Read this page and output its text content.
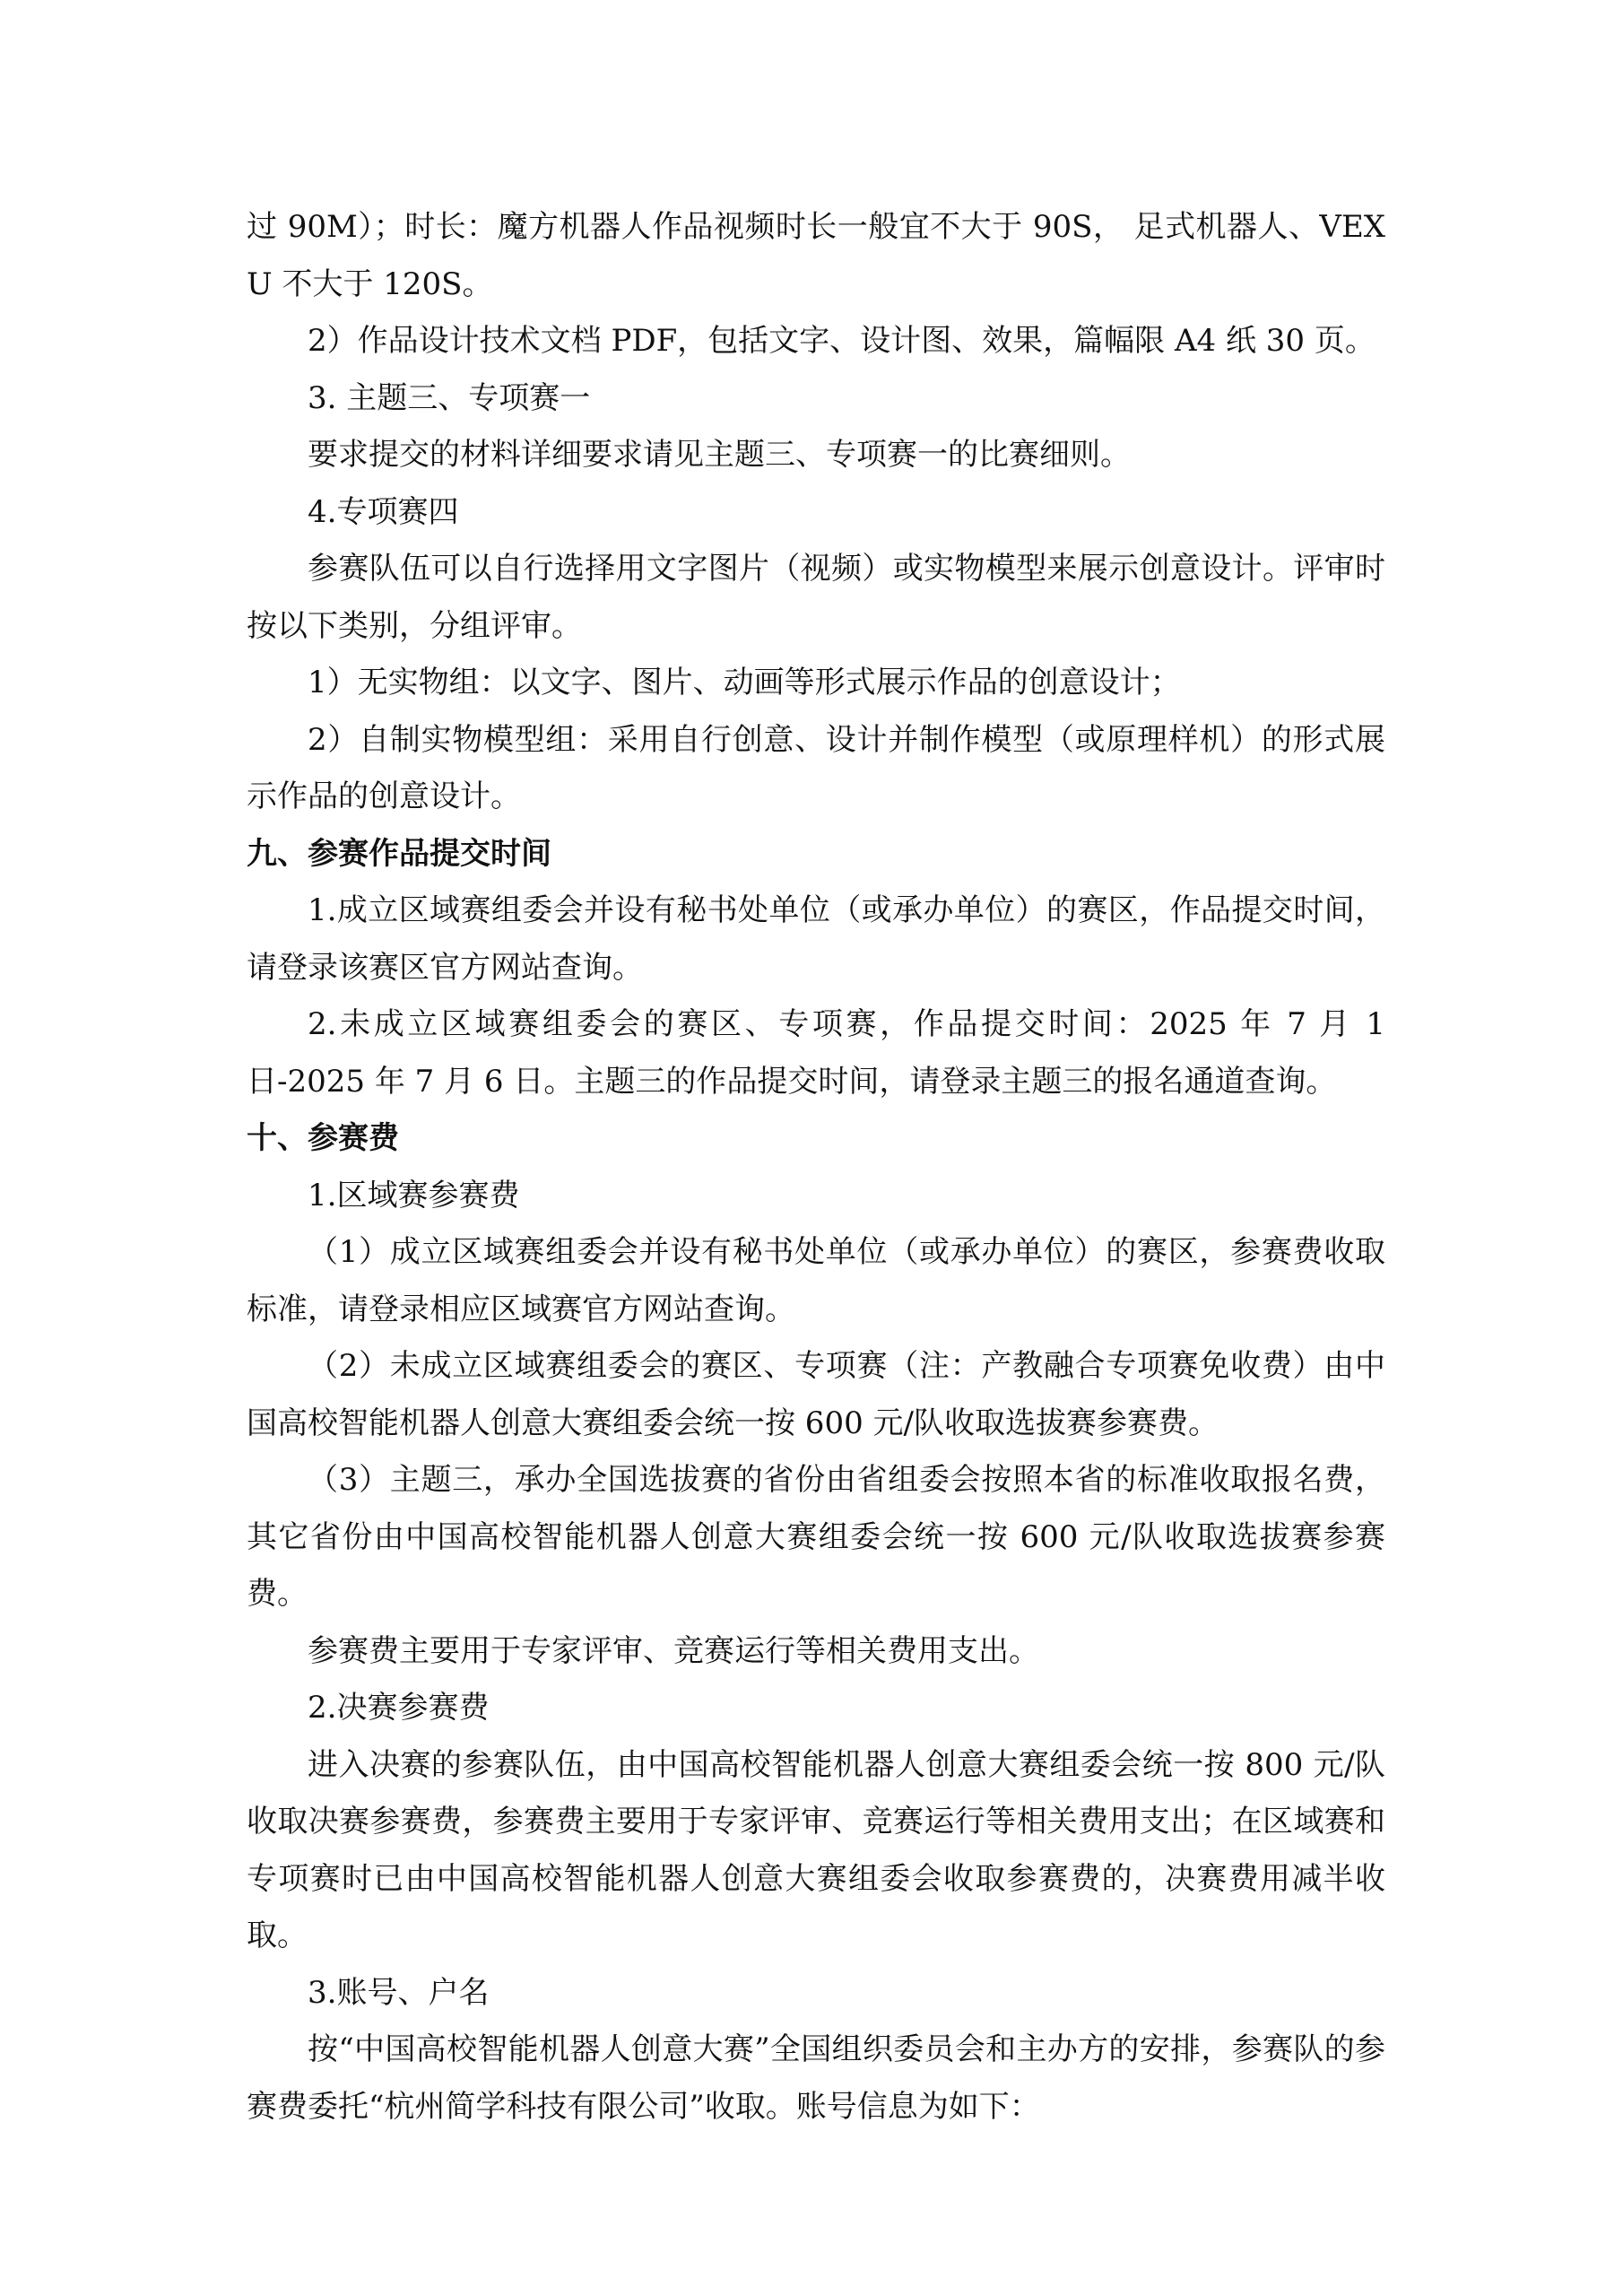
过 90M）；时长：魔方机器人作品视频时长一般宜不大于 90S， 足式机器人、VEX U 不大于 120S。

2）作品设计技术文档 PDF，包括文字、设计图、效果，篇幅限 A4 纸 30 页。

3. 主题三、专项赛一

要求提交的材料详细要求请见主题三、专项赛一的比赛细则。

4.专项赛四

参赛队伍可以自行选择用文字图片（视频）或实物模型来展示创意设计。评审时按以下类别，分组评审。

1）无实物组：以文字、图片、动画等形式展示作品的创意设计；

2）自制实物模型组：采用自行创意、设计并制作模型（或原理样机）的形式展示作品的创意设计。

九、参赛作品提交时间

1.成立区域赛组委会并设有秘书处单位（或承办单位）的赛区，作品提交时间，请登录该赛区官方网站查询。

2.未成立区域赛组委会的赛区、专项赛，作品提交时间：2025 年 7 月 1 日-2025 年 7 月 6 日。主题三的作品提交时间，请登录主题三的报名通道查询。

十、参赛费

1.区域赛参赛费

（1）成立区域赛组委会并设有秘书处单位（或承办单位）的赛区，参赛费收取标准，请登录相应区域赛官方网站查询。

（2）未成立区域赛组委会的赛区、专项赛（注：产教融合专项赛免收费）由中国高校智能机器人创意大赛组委会统一按 600 元/队收取选拔赛参赛费。

（3）主题三，承办全国选拔赛的省份由省组委会按照本省的标准收取报名费，其它省份由中国高校智能机器人创意大赛组委会统一按 600 元/队收取选拔赛参赛费。

参赛费主要用于专家评审、竞赛运行等相关费用支出。

2.决赛参赛费

进入决赛的参赛队伍，由中国高校智能机器人创意大赛组委会统一按 800 元/队收取决赛参赛费，参赛费主要用于专家评审、竞赛运行等相关费用支出；在区域赛和专项赛时已由中国高校智能机器人创意大赛组委会收取参赛费的，决赛费用减半收取。

3.账号、户名

按“中国高校智能机器人创意大赛”全国组织委员会和主办方的安排，参赛队的参赛费委托“杭州简学科技有限公司”收取。账号信息为如下：
